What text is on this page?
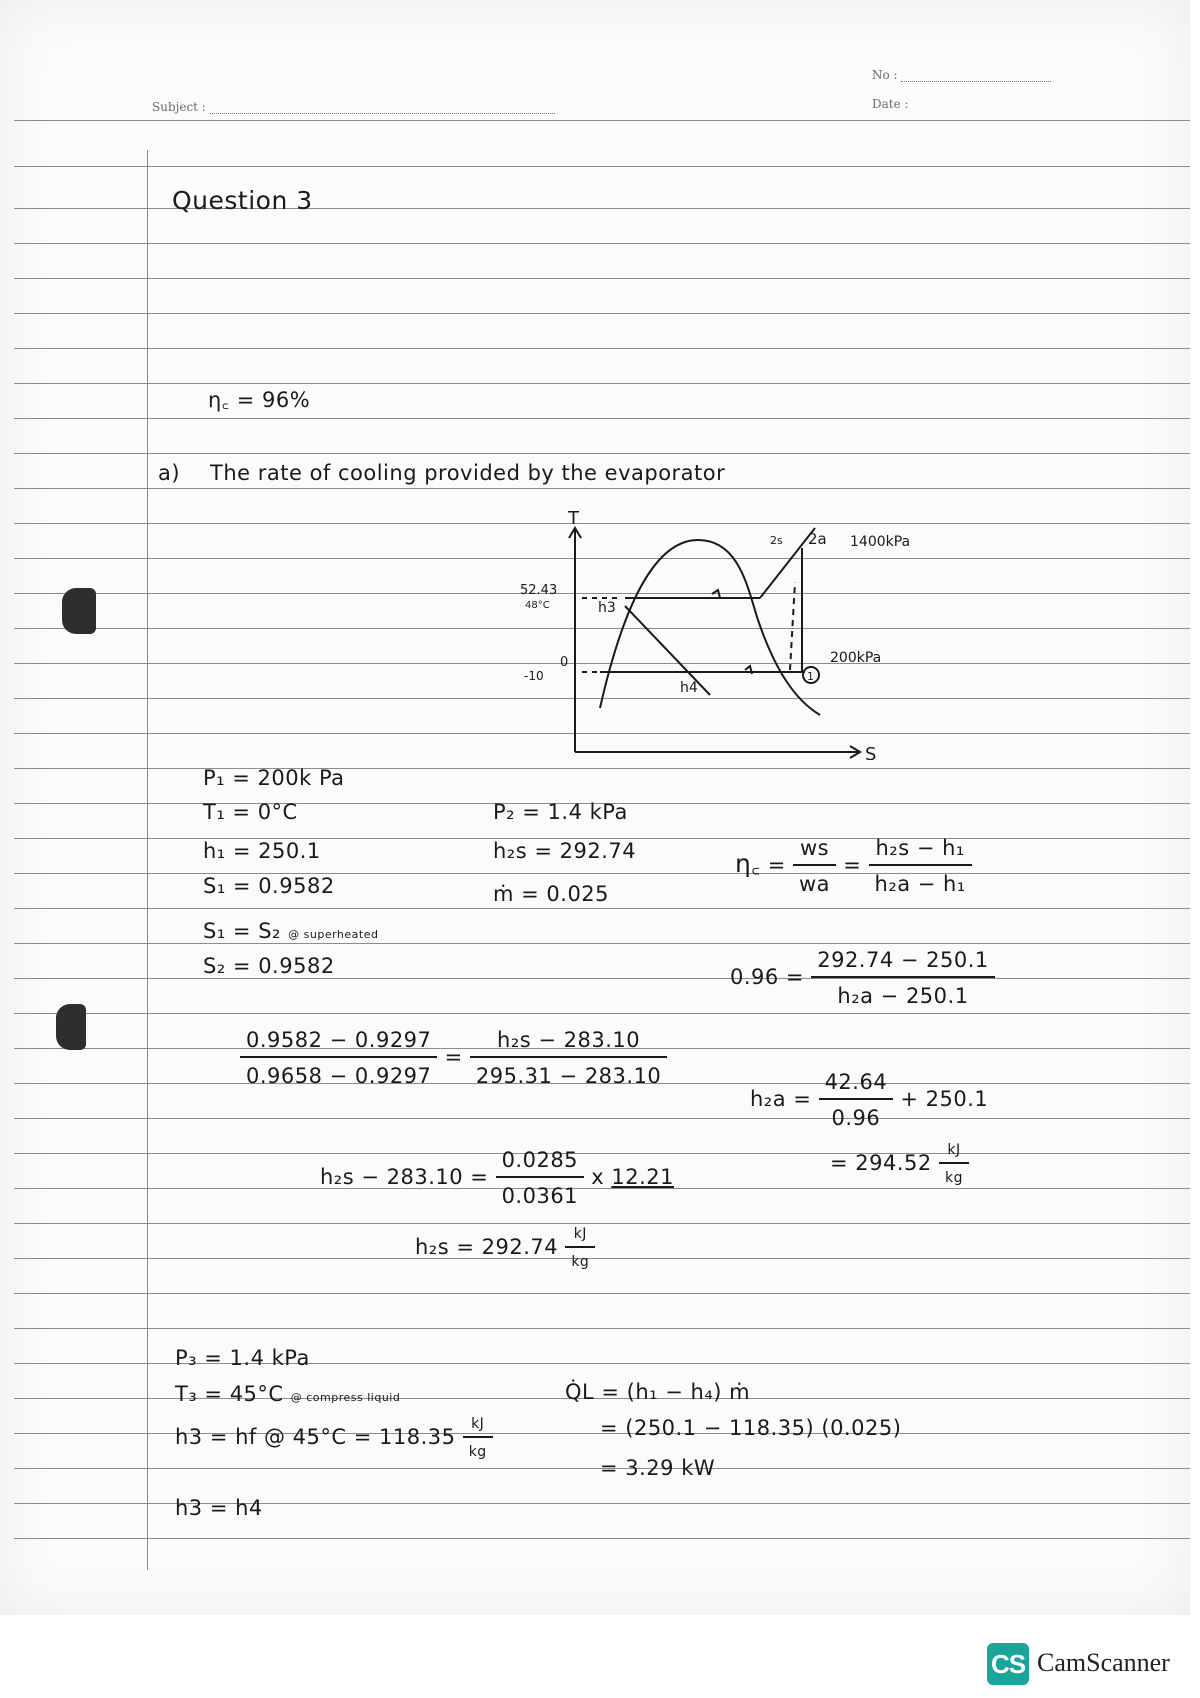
No :
Subject :	Date :
Question 3
η꜀ = 96%
a) The rate of cooling provided by the evaporator
T
S
52.43
48°C
0
-10
h3
h4
2s 2a
1
1400kPa
200kPa
P₁ = 200k Pa
T₁ = 0°C
h₁ = 250.1
S₁ = 0.9582
S₁ = S₂ @ superheated
S₂ = 0.9582
P₂ = 1.4 kPa
h₂s = 292.74
ṁ = 0.025
η꜀ = $\frac{ws}{wa} = \frac{\text{h₂s − h₁}}{\text{h₂a − h₁}}$
$0.96 = \frac{292.74 - 250.1}{\text{h₂a − 250.1}}$
$\frac{0.9582 - 0.9297}{0.9658 - 0.9297} = \frac{\text{h₂s − 283.10}}{295.31 - 283.10}$
$h_2s - 283.10 = \frac{0.0285}{0.0361}$ x 12.21
$h_2s = 292.74 \frac{kJ}{kg}$
$h_2a = \frac{42.64}{0.96} + 250.1$
= $294.52 \frac{kJ}{kg}$
P₃ = 1.4 kPa
T₃ = 45°C @ compress liquid
h3 = hf @ $45^\circ C = 118.35 \frac{kJ}{kg}$
h3 = h4
Q̇L = (h₁ − h₄) ṁ
= (250.1 − 118.35) (0.025)
= 3.29 kW
CS CamScanner
